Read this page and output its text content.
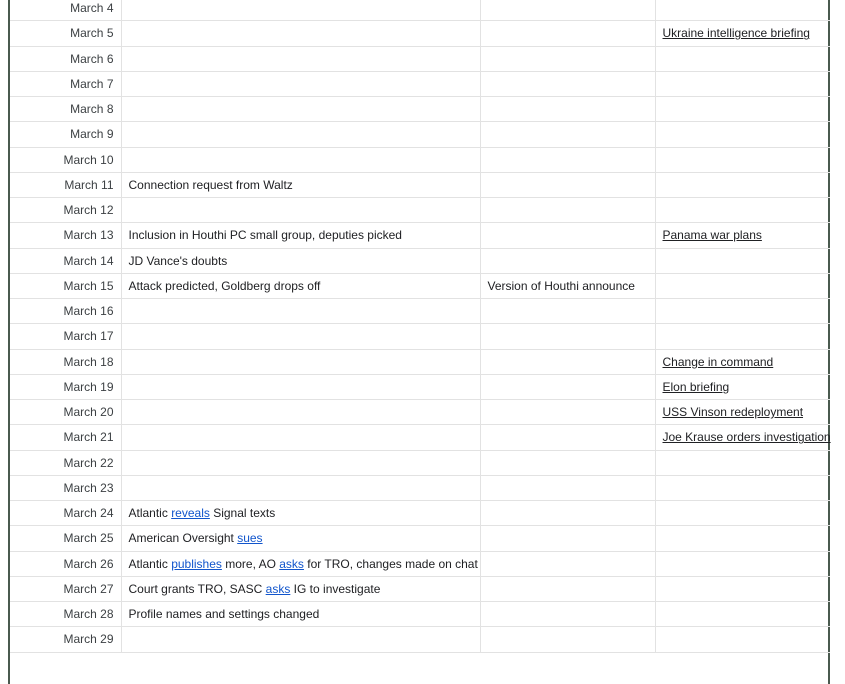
March 4			
March 5			Ukraine intelligence briefing
March 6			
March 7			
March 8			
March 9			
March 10			
March 11	Connection request from Waltz		
March 12			
March 13	Inclusion in Houthi PC small group, deputies picked		Panama war plans
March 14	JD Vance's doubts		
March 15	Attack predicted, Goldberg drops off	Version of Houthi announce	
March 16			
March 17			
March 18			Change in command
March 19			Elon briefing
March 20			USS Vinson redeployment
March 21			Joe Krause orders investigation
March 22			
March 23			
March 24	Atlantic reveals Signal texts		
March 25	American Oversight sues		
March 26	Atlantic publishes more, AO asks for TRO, changes made on chat		
March 27	Court grants TRO, SASC asks IG to investigate		
March 28	Profile names and settings changed		
March 29			
